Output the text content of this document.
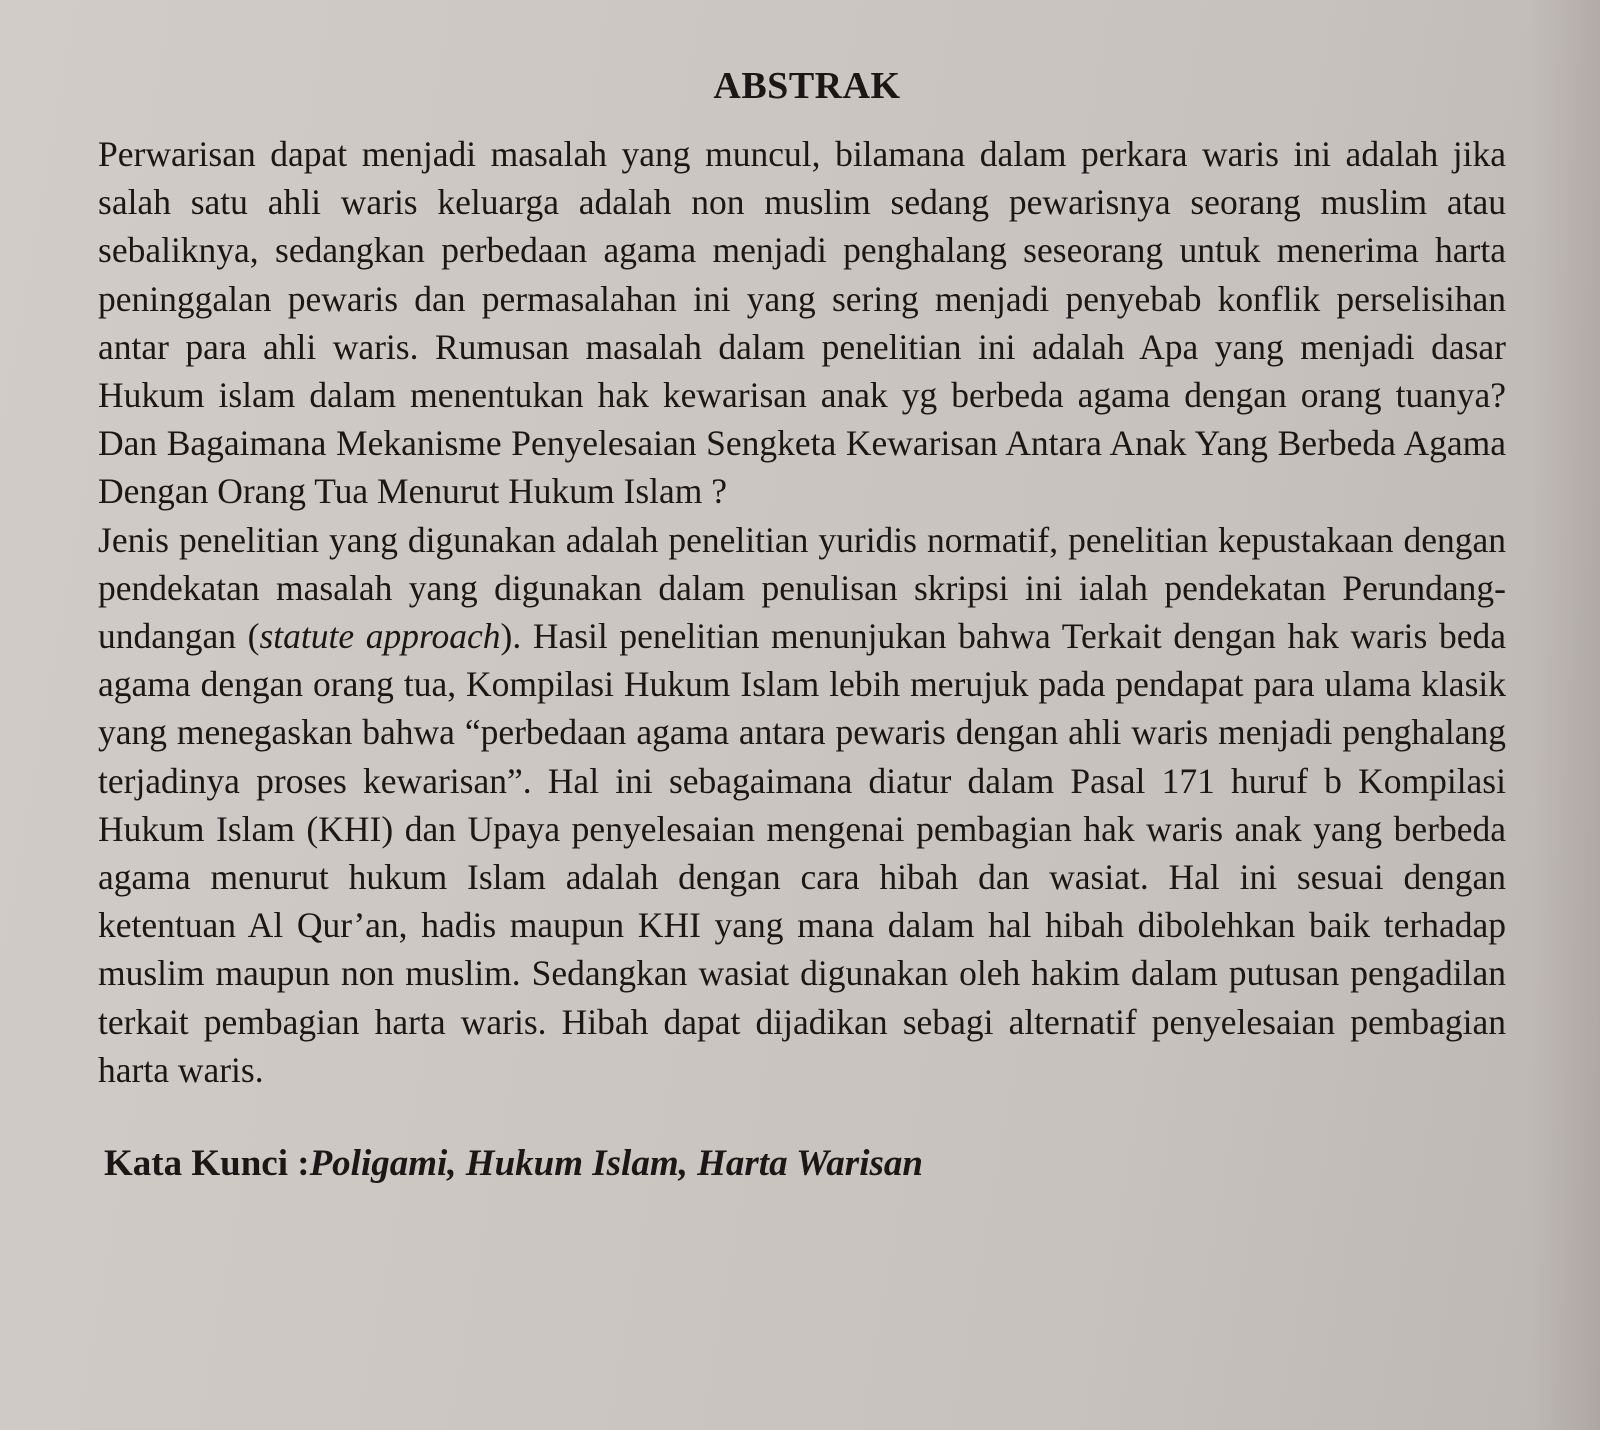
ABSTRAK

Perwarisan dapat menjadi masalah yang muncul, bilamana dalam perkara waris ini adalah jika salah satu ahli waris keluarga adalah non muslim sedang pewarisnya seorang muslim atau sebaliknya, sedangkan perbedaan agama menjadi penghalang seseorang untuk menerima harta peninggalan pewaris dan permasalahan ini yang sering menjadi penyebab konflik perselisihan antar para ahli waris. Rumusan masalah dalam penelitian ini adalah Apa yang menjadi dasar Hukum islam dalam menentukan hak kewarisan anak yg berbeda agama dengan orang tuanya? Dan Bagaimana Mekanisme Penyelesaian Sengketa Kewarisan Antara Anak Yang Berbeda Agama Dengan Orang Tua Menurut Hukum Islam ?

Jenis penelitian yang digunakan adalah penelitian yuridis normatif, penelitian kepustakaan dengan pendekatan masalah yang digunakan dalam penulisan skripsi ini ialah pendekatan Perundang-undangan (statute approach). Hasil penelitian menunjukan bahwa Terkait dengan hak waris beda agama dengan orang tua, Kompilasi Hukum Islam lebih merujuk pada pendapat para ulama klasik yang menegaskan bahwa “perbedaan agama antara pewaris dengan ahli waris menjadi penghalang terjadinya proses kewarisan”. Hal ini sebagaimana diatur dalam Pasal 171 huruf b Kompilasi Hukum Islam (KHI) dan Upaya penyelesaian mengenai pembagian hak waris anak yang berbeda agama menurut hukum Islam adalah dengan cara hibah dan wasiat. Hal ini sesuai dengan ketentuan Al Qur’an, hadis maupun KHI yang mana dalam hal hibah dibolehkan baik terhadap muslim maupun non muslim. Sedangkan wasiat digunakan oleh hakim dalam putusan pengadilan terkait pembagian harta waris. Hibah dapat dijadikan sebagi alternatif penyelesaian pembagian harta waris.

Kata Kunci :Poligami, Hukum Islam, Harta Warisan
